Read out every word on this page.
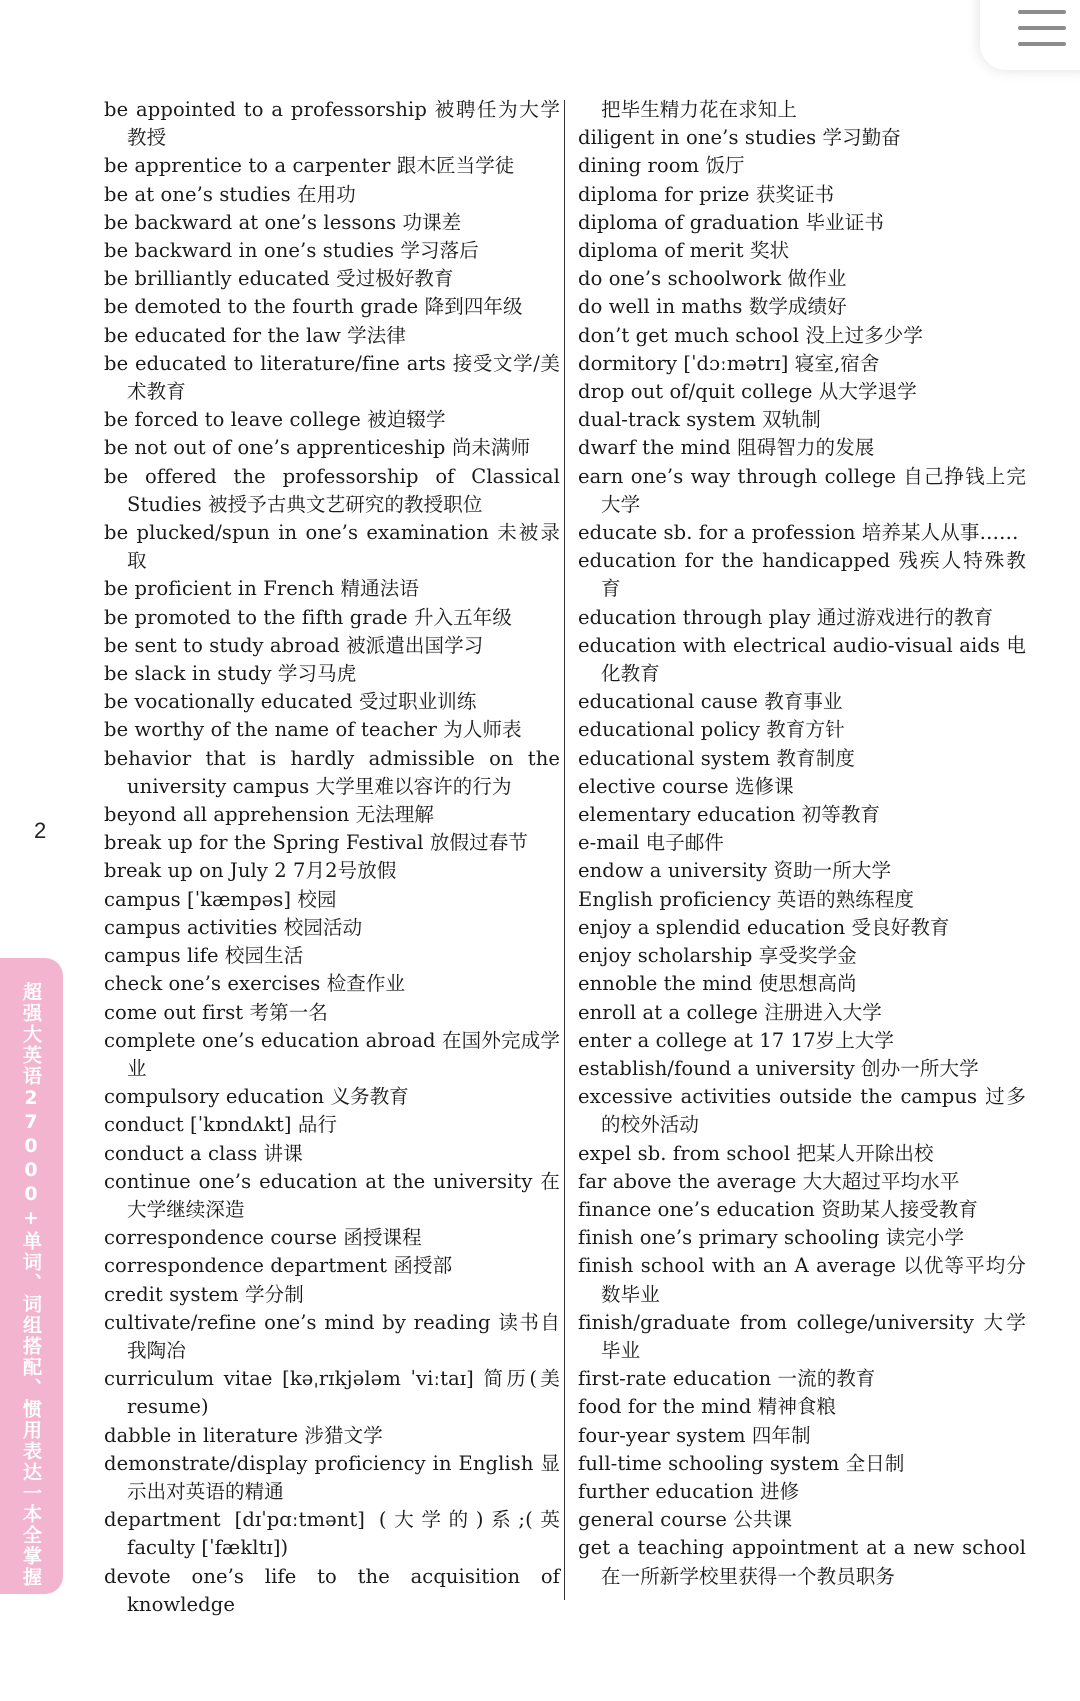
be appointed to a professorship 被聘任为大学教授
be apprentice to a carpenter 跟木匠当学徒
be at one’s studies 在用功
be backward at one’s lessons 功课差
be backward in one’s studies 学习落后
be brilliantly educated 受过极好教育
be demoted to the fourth grade 降到四年级
be educated for the law 学法律
be educated to literature/fine arts 接受文学/美术教育
be forced to leave college 被迫辍学
be not out of one’s apprenticeship 尚未满师
be offered the professorship of Classical Studies 被授予古典文艺研究的教授职位
be plucked/spun in one’s examination 未被录取
be proficient in French 精通法语
be promoted to the fifth grade 升入五年级
be sent to study abroad 被派遣出国学习
be slack in study 学习马虎
be vocationally educated 受过职业训练
be worthy of the name of teacher 为人师表
behavior that is hardly admissible on the university campus 大学里难以容许的行为
beyond all apprehension 无法理解
break up for the Spring Festival 放假过春节
break up on July 2 7月2号放假
campus [ˈkæmpəs] 校园
campus activities 校园活动
campus life 校园生活
check one’s exercises 检查作业
come out first 考第一名
complete one’s education abroad 在国外完成学业
compulsory education 义务教育
conduct [ˈkɒndʌkt] 品行
conduct a class 讲课
continue one’s education at the university 在大学继续深造
correspondence course 函授课程
correspondence department 函授部
credit system 学分制
cultivate/refine one’s mind by reading 读书自我陶冶
curriculum vitae [kəˌrɪkjələm ˈviːtaɪ] 简历(美 resume)
dabble in literature 涉猎文学
demonstrate/display proficiency in English 显示出对英语的精通
department [dɪˈpɑːtmənt] (大学的)系;(英 faculty [ˈfækltɪ])
devote one’s life to the acquisition of knowledge
把毕生精力花在求知上
diligent in one’s studies 学习勤奋
dining room 饭厅
diploma for prize 获奖证书
diploma of graduation 毕业证书
diploma of merit 奖状
do one’s schoolwork 做作业
do well in maths 数学成绩好
don’t get much school 没上过多少学
dormitory [ˈdɔːmətrɪ] 寝室,宿舍
drop out of/quit college 从大学退学
dual-track system 双轨制
dwarf the mind 阻碍智力的发展
earn one’s way through college 自己挣钱上完大学
educate sb. for a profession 培养某人从事……
education for the handicapped 残疾人特殊教育
education through play 通过游戏进行的教育
education with electrical audio-visual aids 电化教育
educational cause 教育事业
educational policy 教育方针
educational system 教育制度
elective course 选修课
elementary education 初等教育
e-mail 电子邮件
endow a university 资助一所大学
English proficiency 英语的熟练程度
enjoy a splendid education 受良好教育
enjoy scholarship 享受奖学金
ennoble the mind 使思想高尚
enroll at a college 注册进入大学
enter a college at 17 17岁上大学
establish/found a university 创办一所大学
excessive activities outside the campus 过多的校外活动
expel sb. from school 把某人开除出校
far above the average 大大超过平均水平
finance one’s education 资助某人接受教育
finish one’s primary schooling 读完小学
finish school with an A average 以优等平均分数毕业
finish/graduate from college/university 大学毕业
first-rate education 一流的教育
food for the mind 精神食粮
four-year system 四年制
full-time schooling system 全日制
further education 进修
general course 公共课
get a teaching appointment at a new school 在一所新学校里获得一个教员职务
2
超强大英语27000+单词、词组搭配、惯用表达一本全掌握
